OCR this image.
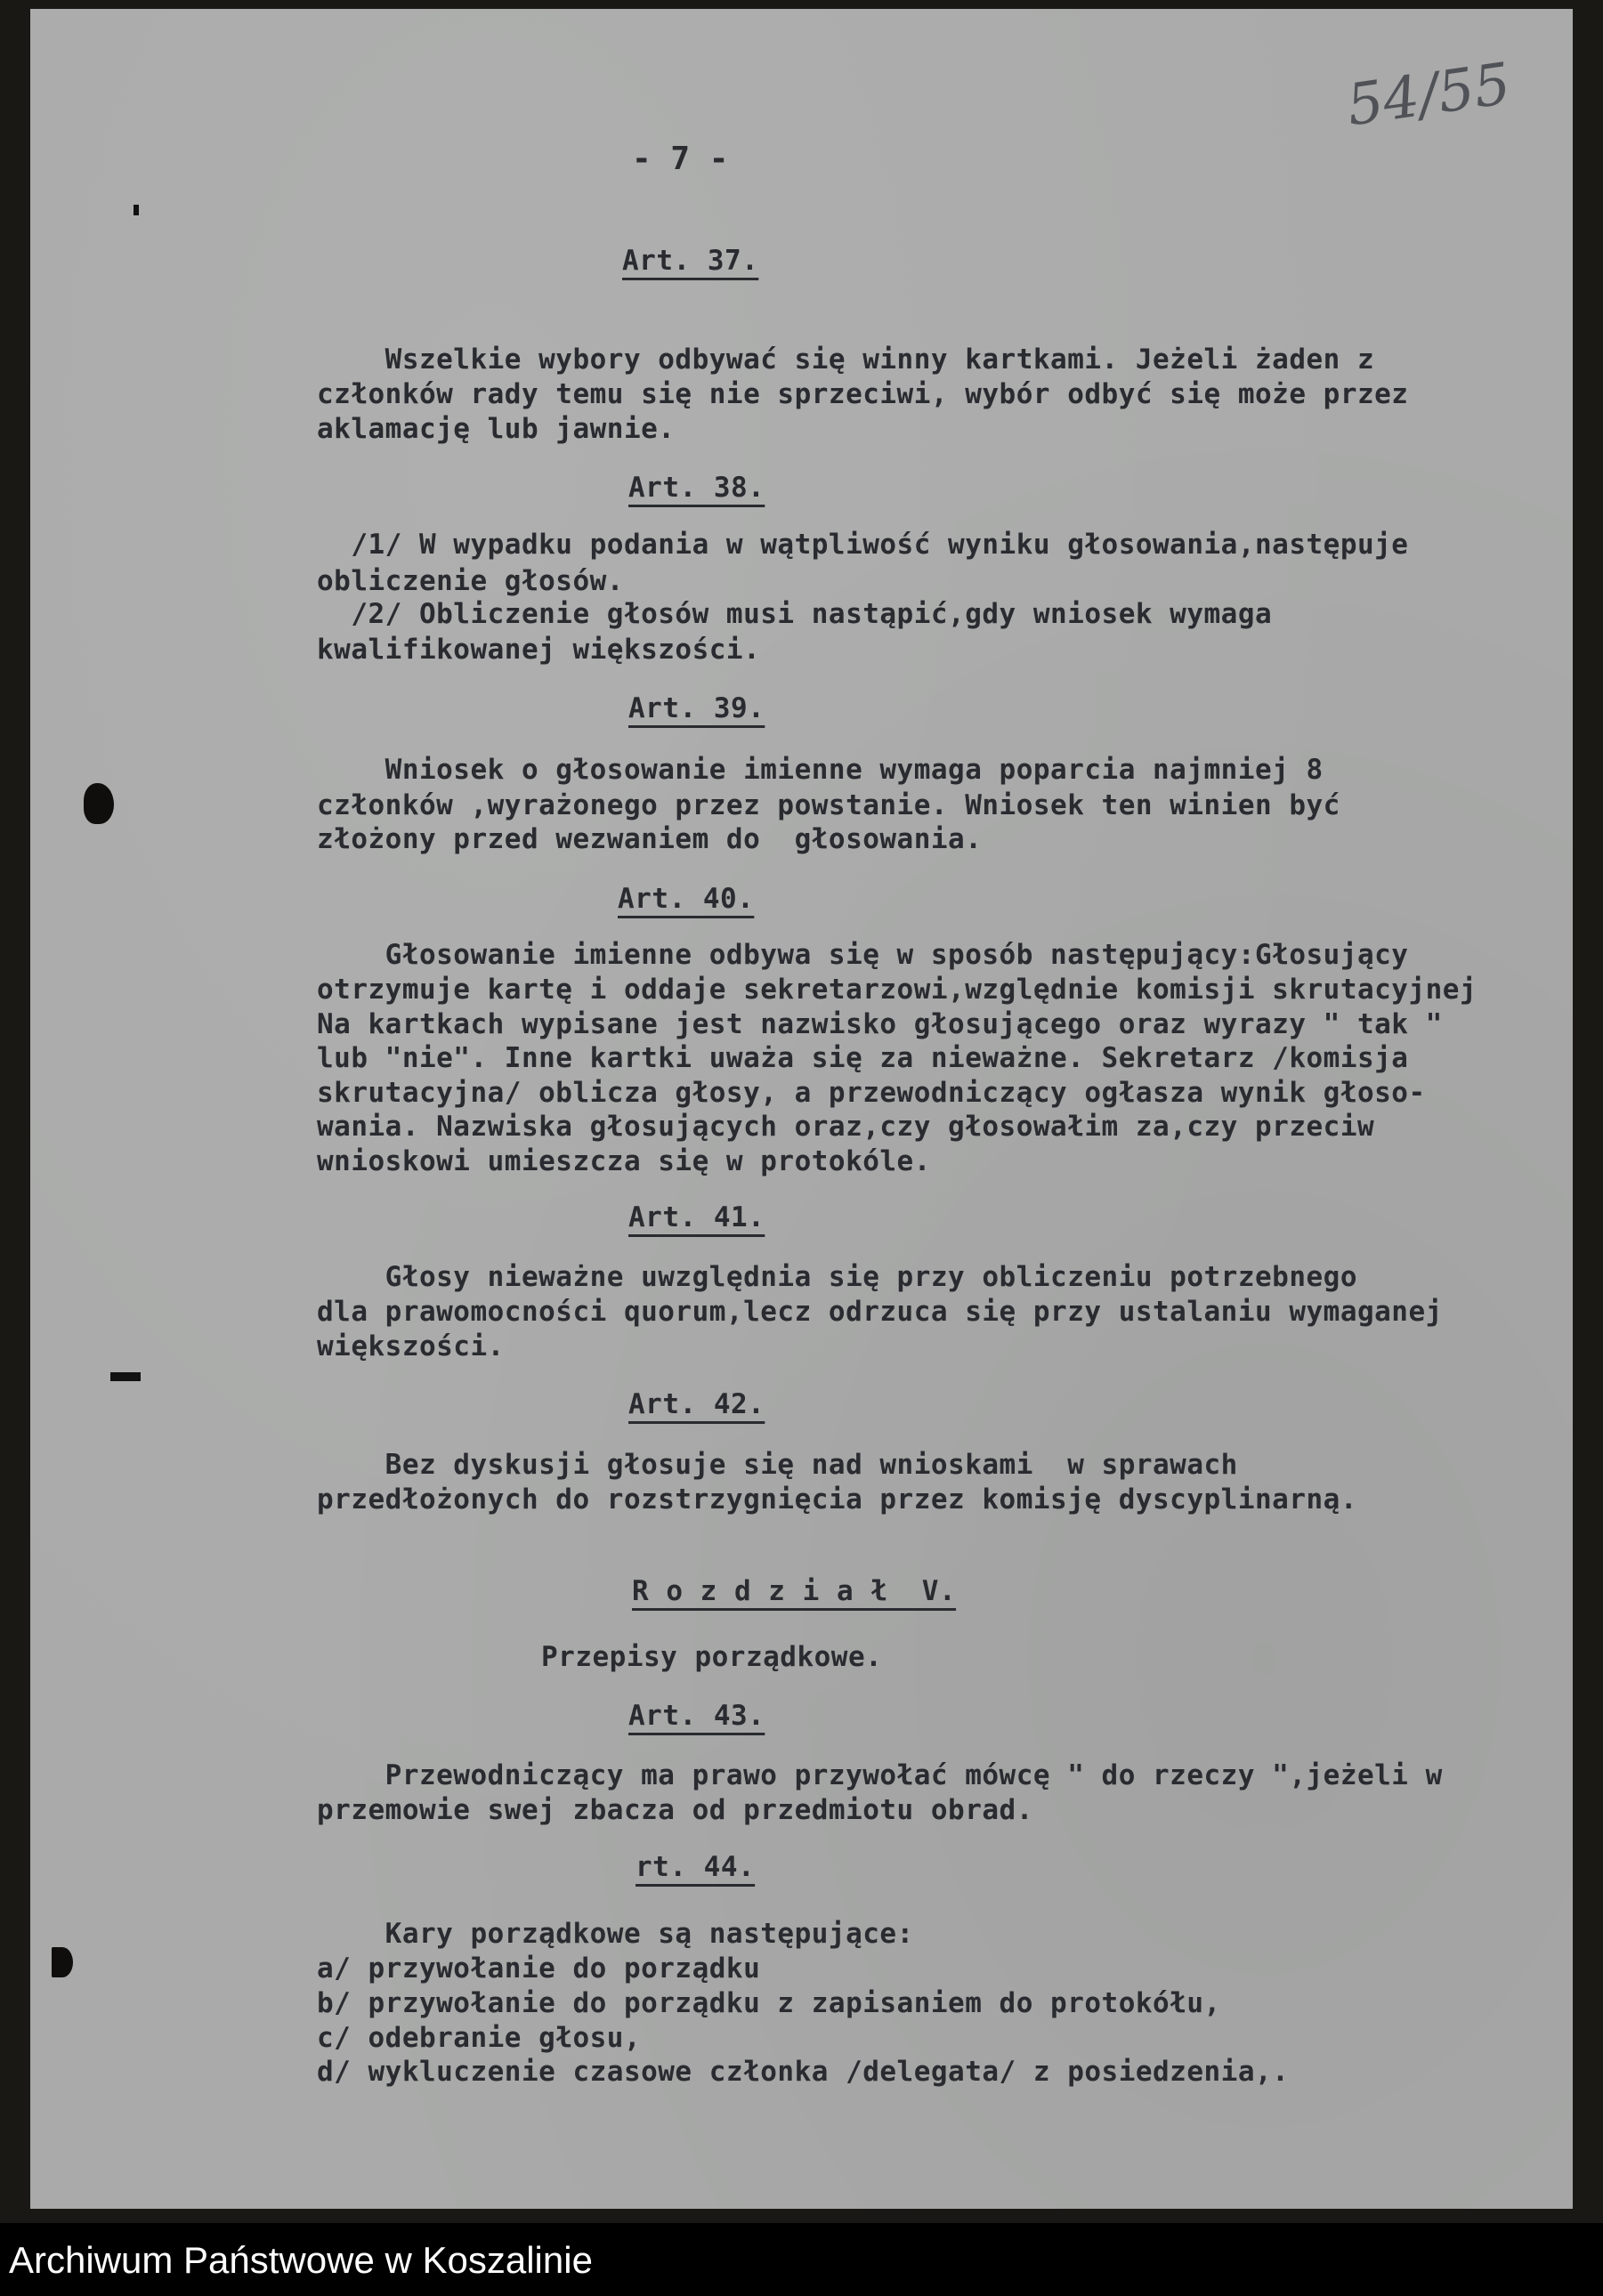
- 7 -
54/55

Art. 37.

Wszelkie wybory odbywać się winny kartkami. Jeżeli żaden z

członków rady temu się nie sprzeciwi, wybór odbyć się może przez

aklamację lub jawnie.

Art. 38.

/1/ W wypadku podania w wątpliwość wyniku głosowania,następuje

obliczenie głosów.

/2/ Obliczenie głosów musi nastąpić,gdy wniosek wymaga

kwalifikowanej większości.

Art. 39.

Wniosek o głosowanie imienne wymaga poparcia najmniej 8

członków ,wyrażonego przez powstanie. Wniosek ten winien być

złożony przed wezwaniem do  głosowania.

Art. 40.

Głosowanie imienne odbywa się w sposób następujący:Głosujący

otrzymuje kartę i oddaje sekretarzowi,względnie komisji skrutacyjnej

Na kartkach wypisane jest nazwisko głosującego oraz wyrazy " tak "

lub "nie". Inne kartki uważa się za nieważne. Sekretarz /komisja

skrutacyjna/ oblicza głosy, a przewodniczący ogłasza wynik głoso-

wania. Nazwiska głosujących oraz,czy głosowałim za,czy przeciw

wnioskowi umieszcza się w protokóle.

Art. 41.

Głosy nieważne uwzględnia się przy obliczeniu potrzebnego

dla prawomocności quorum,lecz odrzuca się przy ustalaniu wymaganej

większości.

Art. 42.

Bez dyskusji głosuje się nad wnioskami  w sprawach

przedłożonych do rozstrzygnięcia przez komisję dyscyplinarną.

R o z d z i a ł  V.

Przepisy porządkowe.

Art. 43.

Przewodniczący ma prawo przywołać mówcę " do rzeczy ",jeżeli w

przemowie swej zbacza od przedmiotu obrad.

rt. 44.

Kary porządkowe są następujące:

a/ przywołanie do porządku

b/ przywołanie do porządku z zapisaniem do protokółu,

c/ odebranie głosu,

d/ wykluczenie czasowe członka /delegata/ z posiedzenia,.

Archiwum Państwowe w Koszalinie
